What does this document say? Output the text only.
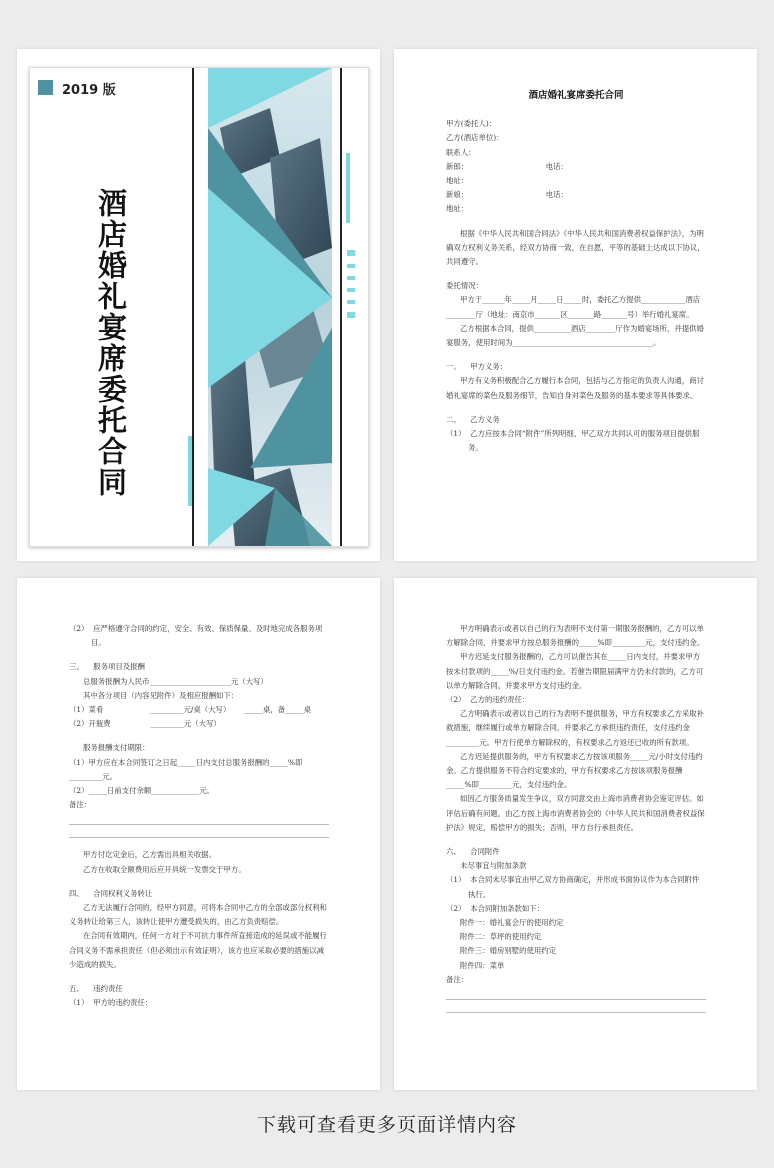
2019 版
酒店婚礼宴席委托合同

酒店婚礼宴席委托合同

甲方(委托人)：

乙方(酒店单位)：

联系人：

新郎：                                 电话：

地址：

新娘：                                 电话：

地址：

根据《中华人民共和国合同法》《中华人民共和国消费者权益保护法》，为明确双方权利义务关系，经双方协商一致，在自愿，平等的基础上达成以下协议，共同遵守。

委托情况：

甲方于______年_____月_____日_____时，委托乙方提供____________酒店________厅（地址：南京市_______区_______路_______号）举行婚礼宴席。

乙方根据本合同，提供__________酒店________厅作为婚宴场所，并提供婚宴服务，使用时间为______________________________________。

一、    甲方义务：

甲方有义务积极配合乙方履行本合同，包括与乙方指定的负责人沟通，商讨婚礼宴席的菜色及服务细节，告知自身对菜色及服务的基本要求等具体要求。

二、    乙方义务

（1）  乙方应按本合同“附件”所列明细，甲乙双方共同认可的服务项目提供服务。

（2）  应严格遵守合同的约定，安全、有效、保质保量、及时地完成各服务项目。

三、    服务项目及报酬

总服务报酬为人民币______________________元（大写）

其中各分项目（内容见附件）及相应报酬如下：

（1）菜肴                    _________元/桌（大写）      _____桌，备_____桌

（2）开瓶费                 _________元（大写）

服务报酬支付期限：

（1）甲方应在本合同签订之日起_____日内支付总服务报酬的_____%即_________元。

（2）_____日前支付余额_____________元。

备注：

甲方付讫定金后，乙方需出具相关收据。

乙方在收取全额费用后应开具统一发票交于甲方。

四、    合同权利义务转让

乙方无法履行合同的，经甲方同意，可将本合同中乙方的全部或部分权利和义务转让给第三人，该转让使甲方遭受损失的，由乙方负责赔偿。

在合同有效期内，任何一方对于不可抗力事件所直接造成的延误或不能履行合同义务不需承担责任（但必须出示有效证明），该方也应采取必要的措施以减少造成的损失。

五、    违约责任

（1）  甲方的违约责任：

甲方明确表示或者以自己的行为表明不支付第一期服务报酬的，乙方可以单方解除合同，并要求甲方按总服务报酬的_____%即_________元，支付违约金。

甲方迟延支付服务报酬的，乙方可以催告其在_____日内支付，并要求甲方按未付款项的_____%/日支付违约金。若催告期限届满甲方仍未付款的，乙方可以单方解除合同，并要求甲方支付违约金。

（2）  乙方的违约责任：

乙方明确表示或者以自己的行为表明不提供服务，甲方有权要求乙方采取补救措施，继续履行或单方解除合同，并要求乙方承担违约责任，支付违约金_________元。甲方行使单方解除权的，有权要求乙方返还已收的所有款项。

乙方迟延提供服务的，甲方有权要求乙方按该项服务_____元/小时支付违约金。乙方提供服务不符合约定要求的，甲方有权要求乙方按该项服务报酬_____%即_________元，支付违约金。

如因乙方服务质量发生争议，双方同意交由上海市消费者协会鉴定评估。如评估后确有问题，由乙方按上海市消费者协会的《中华人民共和国消费者权益保护法》规定，赔偿甲方的损失；否则，甲方自行承担责任。

六、    合同附件

未尽事宜与附加条款

（1）  本合同未尽事宜由甲乙双方协商确定，并形成书面协议作为本合同附件执行。

（2）  本合同附加条款如下：

附件一：婚礼宴会厅的使用约定

附件二：草坪的使用约定

附件三：婚房别墅的使用约定

附件四：菜单

备注：

下载可查看更多页面详情内容
